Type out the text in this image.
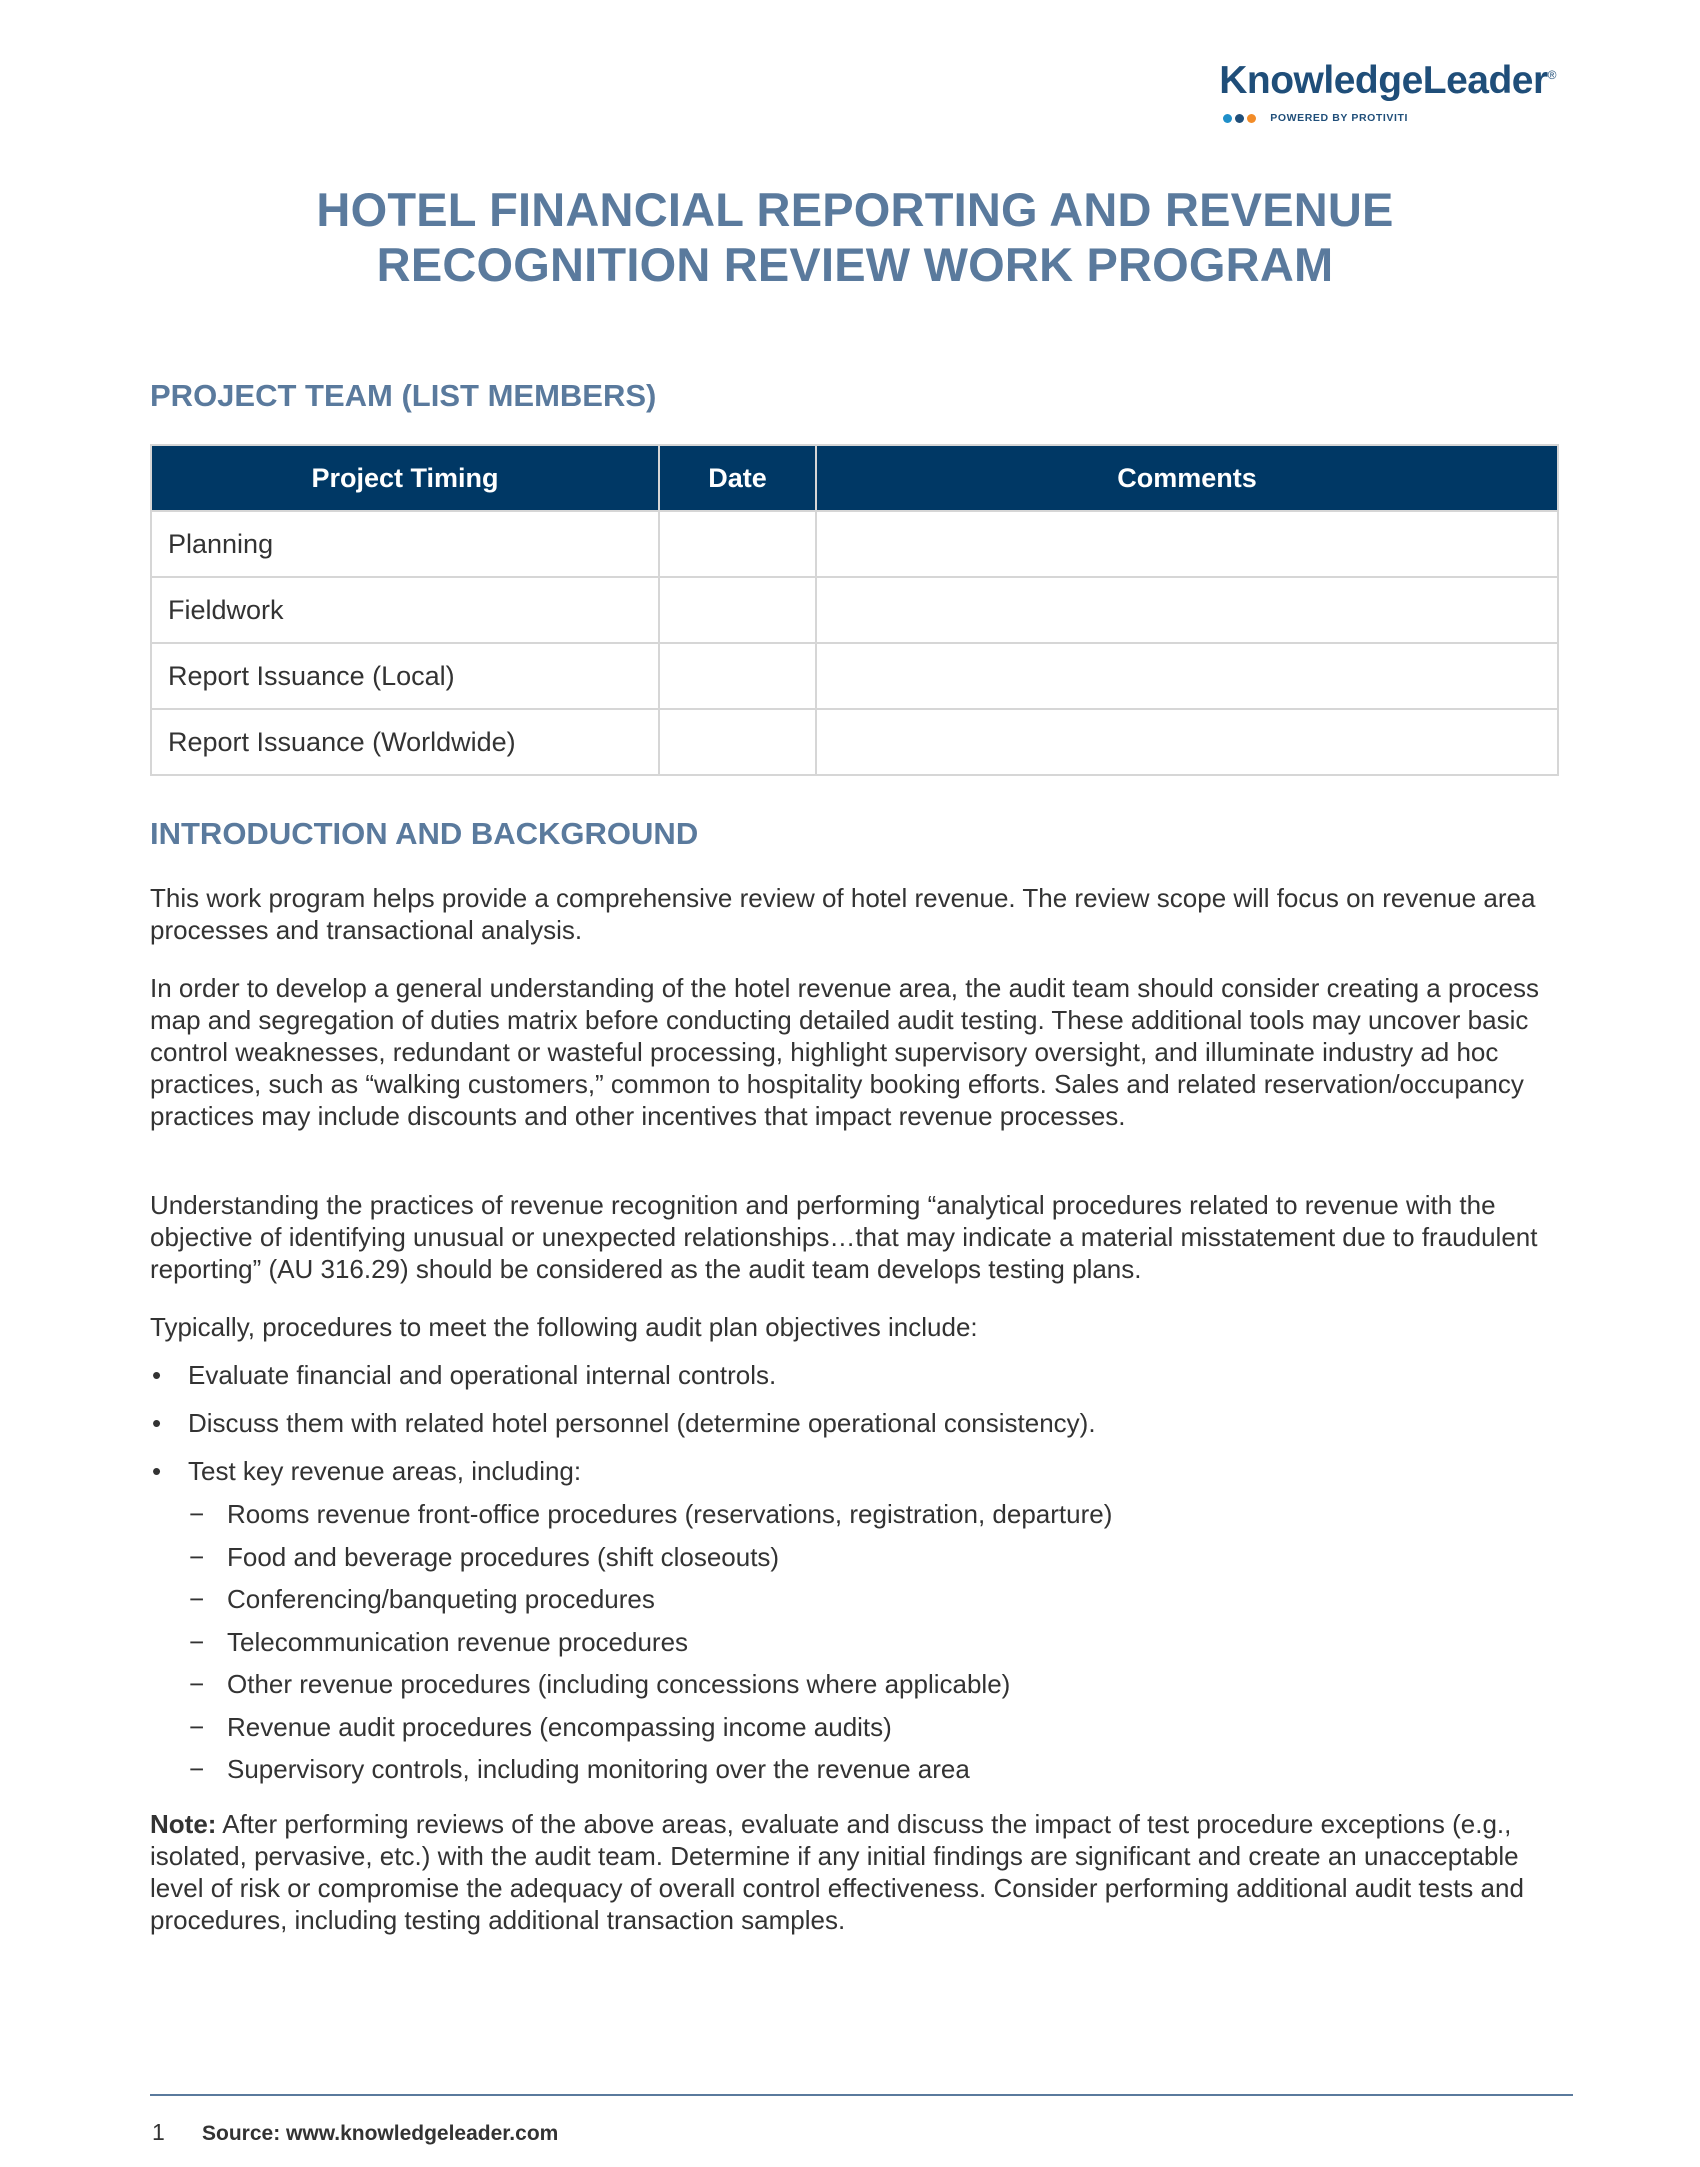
KnowledgeLeader®
POWERED BY PROTIVITI
HOTEL FINANCIAL REPORTING AND REVENUE
RECOGNITION REVIEW WORK PROGRAM
PROJECT TEAM (LIST MEMBERS)
Project Timing	Date	Comments
Planning		
Fieldwork		
Report Issuance (Local)		
Report Issuance (Worldwide)		
INTRODUCTION AND BACKGROUND

This work program helps provide a comprehensive review of hotel revenue. The review scope will focus on revenue area processes and transactional analysis.

In order to develop a general understanding of the hotel revenue area, the audit team should consider creating a process map and segregation of duties matrix before conducting detailed audit testing. These additional tools may uncover basic control weaknesses, redundant or wasteful processing, highlight supervisory oversight, and illuminate industry ad hoc practices, such as “walking customers,” common to hospitality booking efforts. Sales and related reservation/occupancy practices may include discounts and other incentives that impact revenue processes.

Understanding the practices of revenue recognition and performing “analytical procedures related to revenue with the objective of identifying unusual or unexpected relationships…that may indicate a material misstatement due to fraudulent reporting” (AU 316.29) should be considered as the audit team develops testing plans.

Typically, procedures to meet the following audit plan objectives include:

• Evaluate financial and operational internal controls.
• Discuss them with related hotel personnel (determine operational consistency).
• Test key revenue areas, including:
− Rooms revenue front-office procedures (reservations, registration, departure)
− Food and beverage procedures (shift closeouts)
− Conferencing/banqueting procedures
− Telecommunication revenue procedures
− Other revenue procedures (including concessions where applicable)
− Revenue audit procedures (encompassing income audits)
− Supervisory controls, including monitoring over the revenue area

Note: After performing reviews of the above areas, evaluate and discuss the impact of test procedure exceptions (e.g., isolated, pervasive, etc.) with the audit team. Determine if any initial findings are significant and create an unacceptable level of risk or compromise the adequacy of overall control effectiveness. Consider performing additional audit tests and procedures, including testing additional transaction samples.

1 Source: www.knowledgeleader.com
